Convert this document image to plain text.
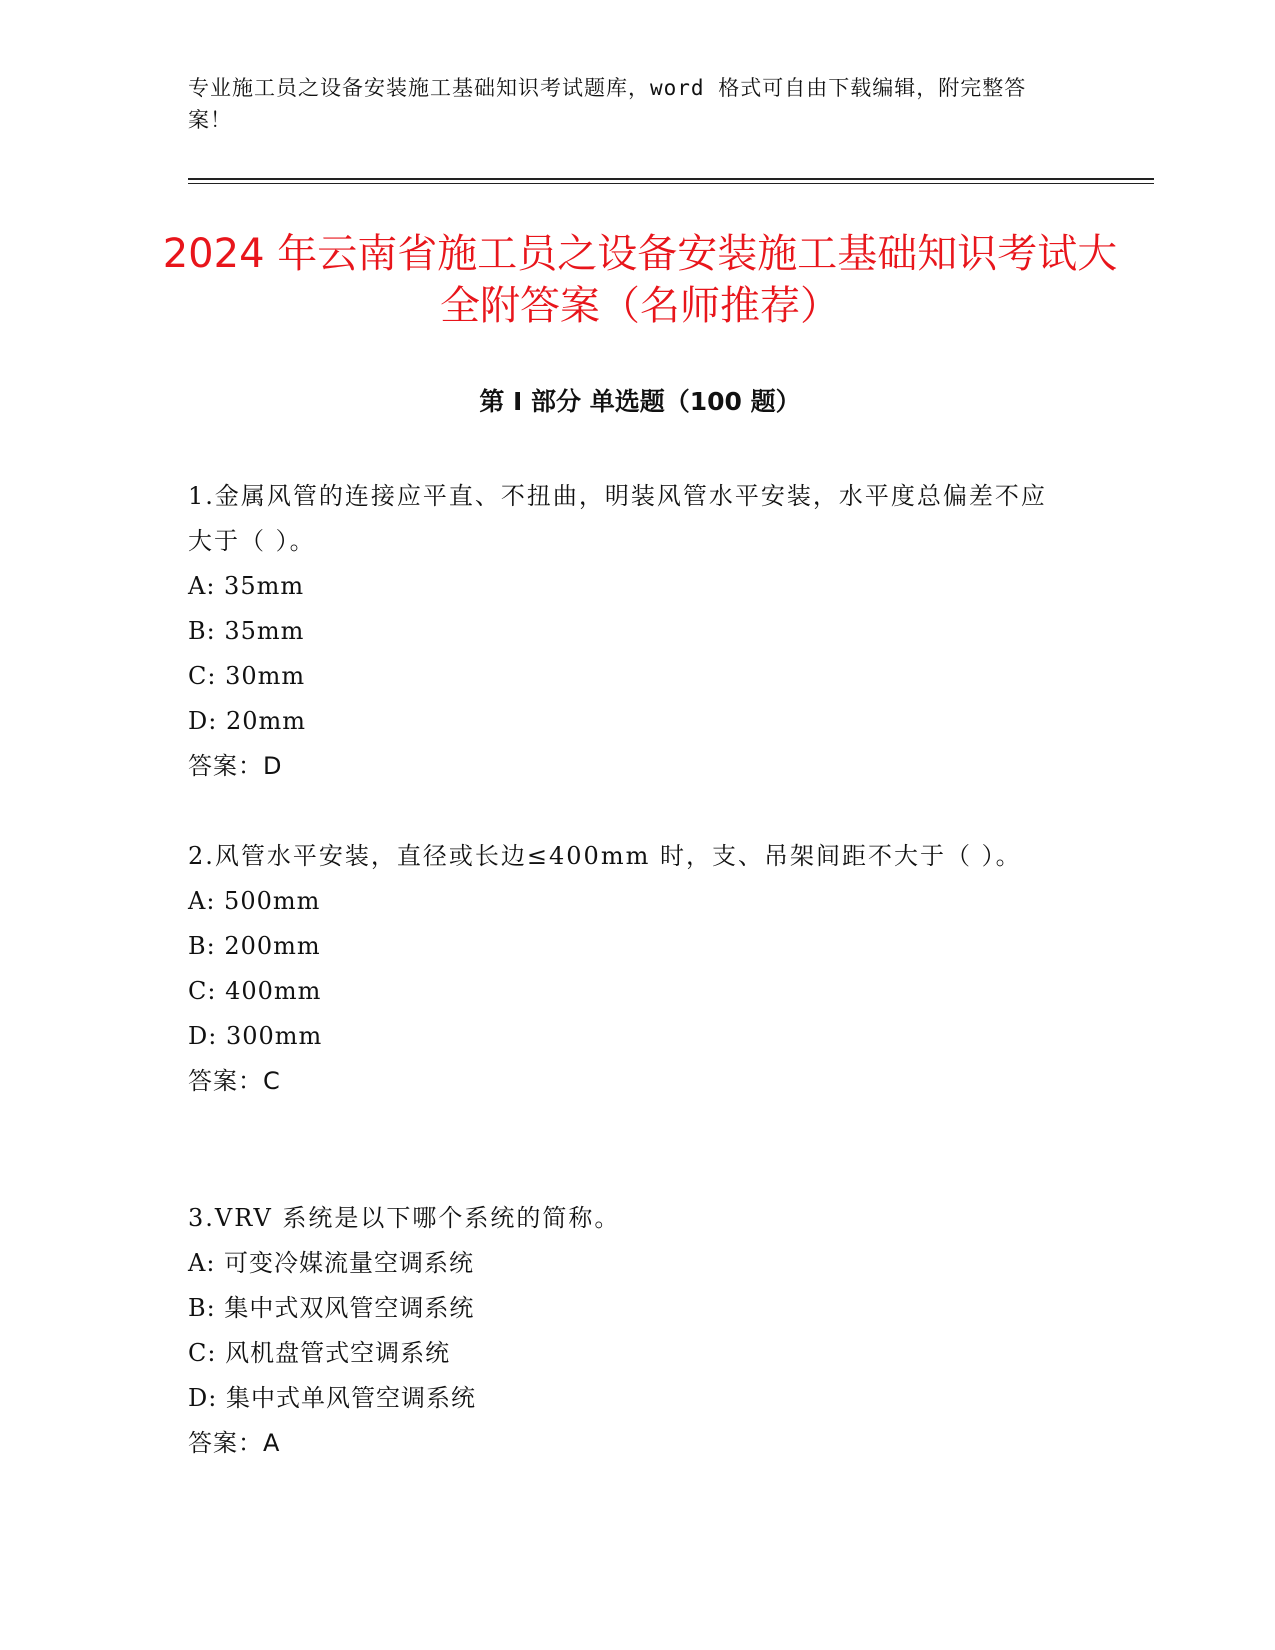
专业施工员之设备安装施工基础知识考试题库，word 格式可自由下载编辑，附完整答案！
2024 年云南省施工员之设备安装施工基础知识考试大全附答案（名师推荐）
第 I 部分 单选题（100 题）

1.金属风管的连接应平直、不扭曲，明装风管水平安装，水平度总偏差不应大于（ ）。

A: 35mm

B: 35mm

C: 30mm

D: 20mm

答案：D

2.风管水平安装，直径或长边≤400mm 时，支、吊架间距不大于（ ）。

A: 500mm

B: 200mm

C: 400mm

D: 300mm

答案：C

3.VRV 系统是以下哪个系统的简称。

A: 可变冷媒流量空调系统

B: 集中式双风管空调系统

C: 风机盘管式空调系统

D: 集中式单风管空调系统

答案：A
